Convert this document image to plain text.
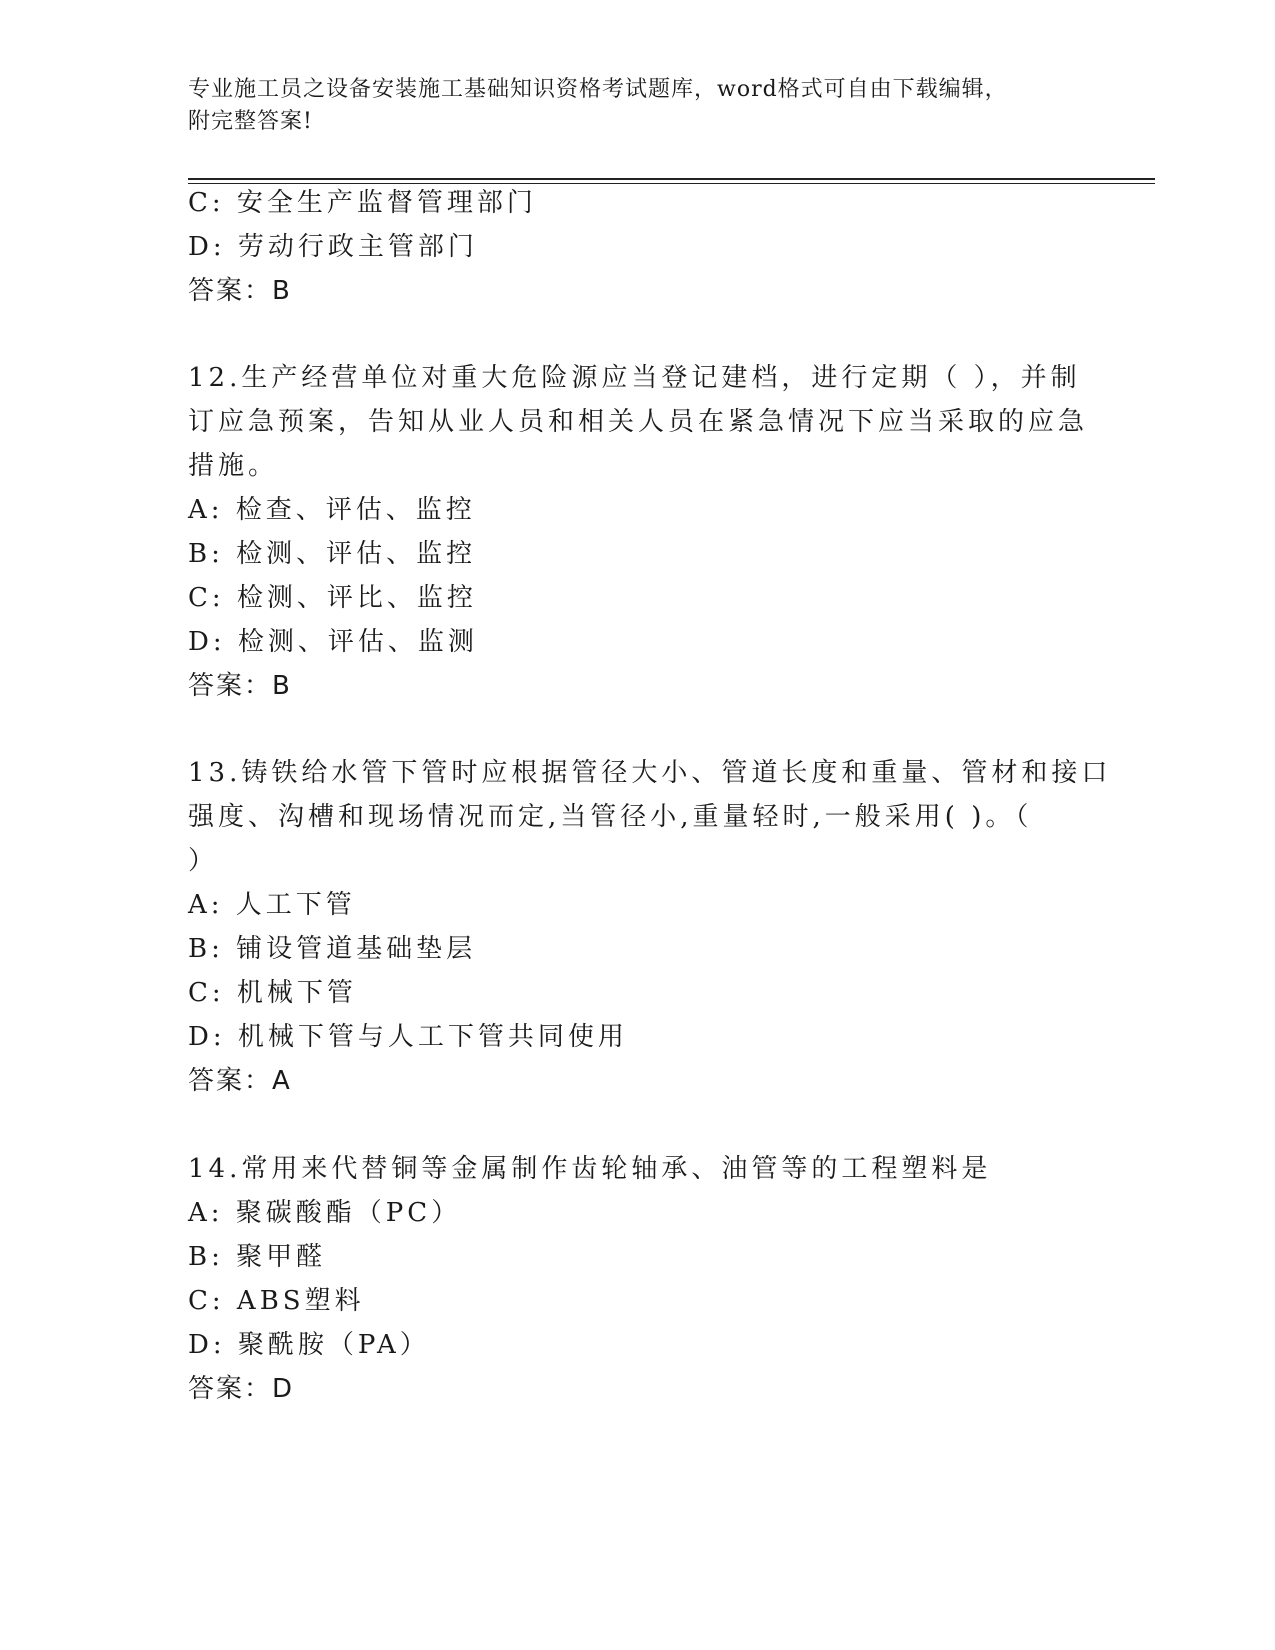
专业施工员之设备安装施工基础知识资格考试题库，word格式可自由下载编辑，
附完整答案!
C: 安全生产监督管理部门
D: 劳动行政主管部门
答案：B
12.生产经营单位对重大危险源应当登记建档，进行定期（ ），并制
订应急预案，告知从业人员和相关人员在紧急情况下应当采取的应急
措施。
A: 检查、评估、监控
B: 检测、评估、监控
C: 检测、评比、监控
D: 检测、评估、监测
答案：B
13.铸铁给水管下管时应根据管径大小、管道长度和重量、管材和接口
强度、沟槽和现场情况而定,当管径小,重量轻时,一般采用( )。（
）
A: 人工下管
B: 铺设管道基础垫层
C: 机械下管
D: 机械下管与人工下管共同使用
答案：A
14.常用来代替铜等金属制作齿轮轴承、油管等的工程塑料是
A: 聚碳酸酯（PC）
B: 聚甲醛
C: ABS塑料
D: 聚酰胺（PA）
答案：D
